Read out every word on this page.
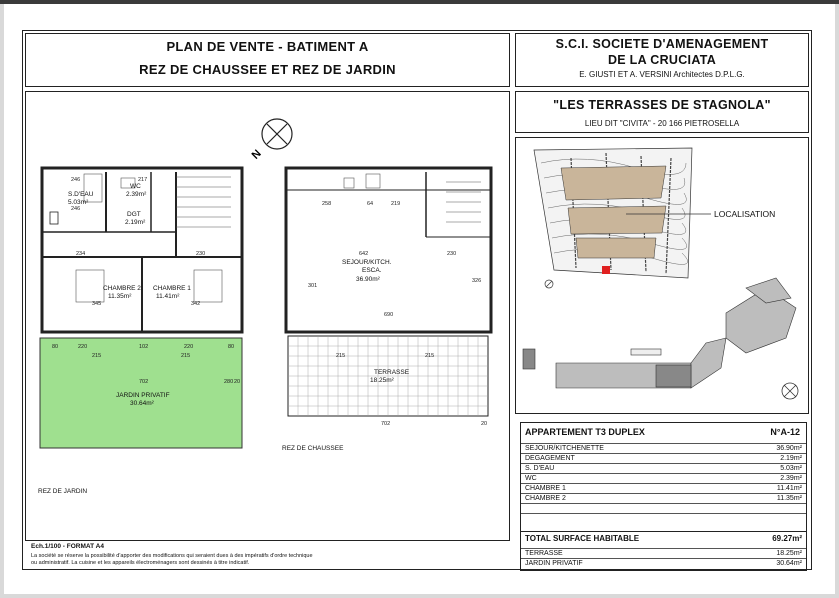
PLAN DE VENTE - BATIMENT A
REZ DE CHAUSSEE ET REZ DE JARDIN
S.C.I. SOCIETE D'AMENAGEMENT
DE LA CRUCIATA
E. GIUSTI ET A. VERSINI Architectes D.P.L.G.
"LES TERRASSES DE STAGNOLA"
LIEU DIT "CIVITA" - 20 166 PIETROSELLA
LOCALISATION
N
S.D'EAU
5.03m²
WC
2.39m²
DGT
2.19m²
CHAMBRE 2
11.35m²
CHAMBRE 1
11.41m²
JARDIN PRIVATIF
30.64m²
246
246
217
234	230
345	342
80	220	102	220	80
215	215
702	280 20
REZ DE JARDIN
SEJOUR/KITCH.
ESCA.
36.90m²
TERRASSE
18.25m²
258	64	219
642	230
301
326
690
215	215
702	20
REZ DE CHAUSSEE
Ech.1/100 - FORMAT A4
La société se réserve la possibilité d'apporter des modifications qui seraient dues à des impératifs d'ordre technique
ou administratif. La cuisine et les appareils électroménagers sont dessinés à titre indicatif.
APPARTEMENT T3 DUPLEX	N°A-12
SEJOUR/KITCHENETTE	36.90m²
DEGAGEMENT	2.19m²
S. D'EAU	5.03m²
WC	2.39m²
CHAMBRE 1	11.41m²
CHAMBRE 2	11.35m²
TOTAL SURFACE HABITABLE	69.27m²
TERRASSE	18.25m²
JARDIN PRIVATIF	30.64m²
